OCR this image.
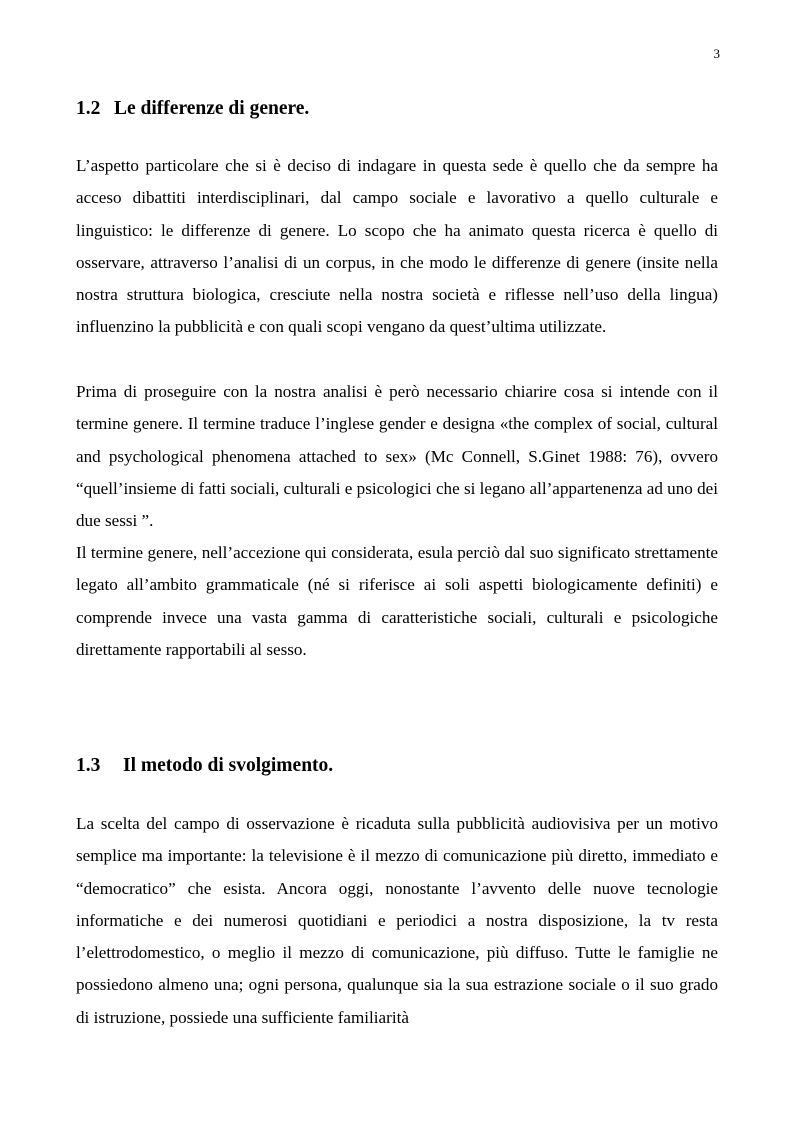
3
1.2 Le differenze di genere.

L’aspetto particolare che si è deciso di indagare in questa sede è quello che da sempre ha acceso dibattiti interdisciplinari, dal campo sociale e lavorativo a quello culturale e linguistico: le differenze di genere. Lo scopo che ha animato questa ricerca è quello di osservare, attraverso l’analisi di un corpus, in che modo le differenze di genere (insite nella nostra struttura biologica, cresciute nella nostra società e riflesse nell’uso della lingua) influenzino la pubblicità e con quali scopi vengano da quest’ultima utilizzate.

Prima di proseguire con la nostra analisi è però necessario chiarire cosa si intende con il termine genere. Il termine traduce l’inglese gender e designa «the complex of social, cultural and psychological phenomena attached to sex» (Mc Connell, S.Ginet 1988: 76), ovvero “quell’insieme di fatti sociali, culturali e psicologici che si legano all’appartenenza ad uno dei due sessi ”.

Il termine genere, nell’accezione qui considerata, esula perciò dal suo significato strettamente legato all’ambito grammaticale (né si riferisce ai soli aspetti biologicamente definiti) e comprende invece una vasta gamma di caratteristiche sociali, culturali e psicologiche direttamente rapportabili al sesso.

1.3 Il metodo di svolgimento.

La scelta del campo di osservazione è ricaduta sulla pubblicità audiovisiva per un motivo semplice ma importante: la televisione è il mezzo di comunicazione più diretto, immediato e “democratico” che esista. Ancora oggi, nonostante l’avvento delle nuove tecnologie informatiche e dei numerosi quotidiani e periodici a nostra disposizione, la tv resta l’elettrodomestico, o meglio il mezzo di comunicazione, più diffuso. Tutte le famiglie ne possiedono almeno una; ogni persona, qualunque sia la sua estrazione sociale o il suo grado di istruzione, possiede una sufficiente familiarità
